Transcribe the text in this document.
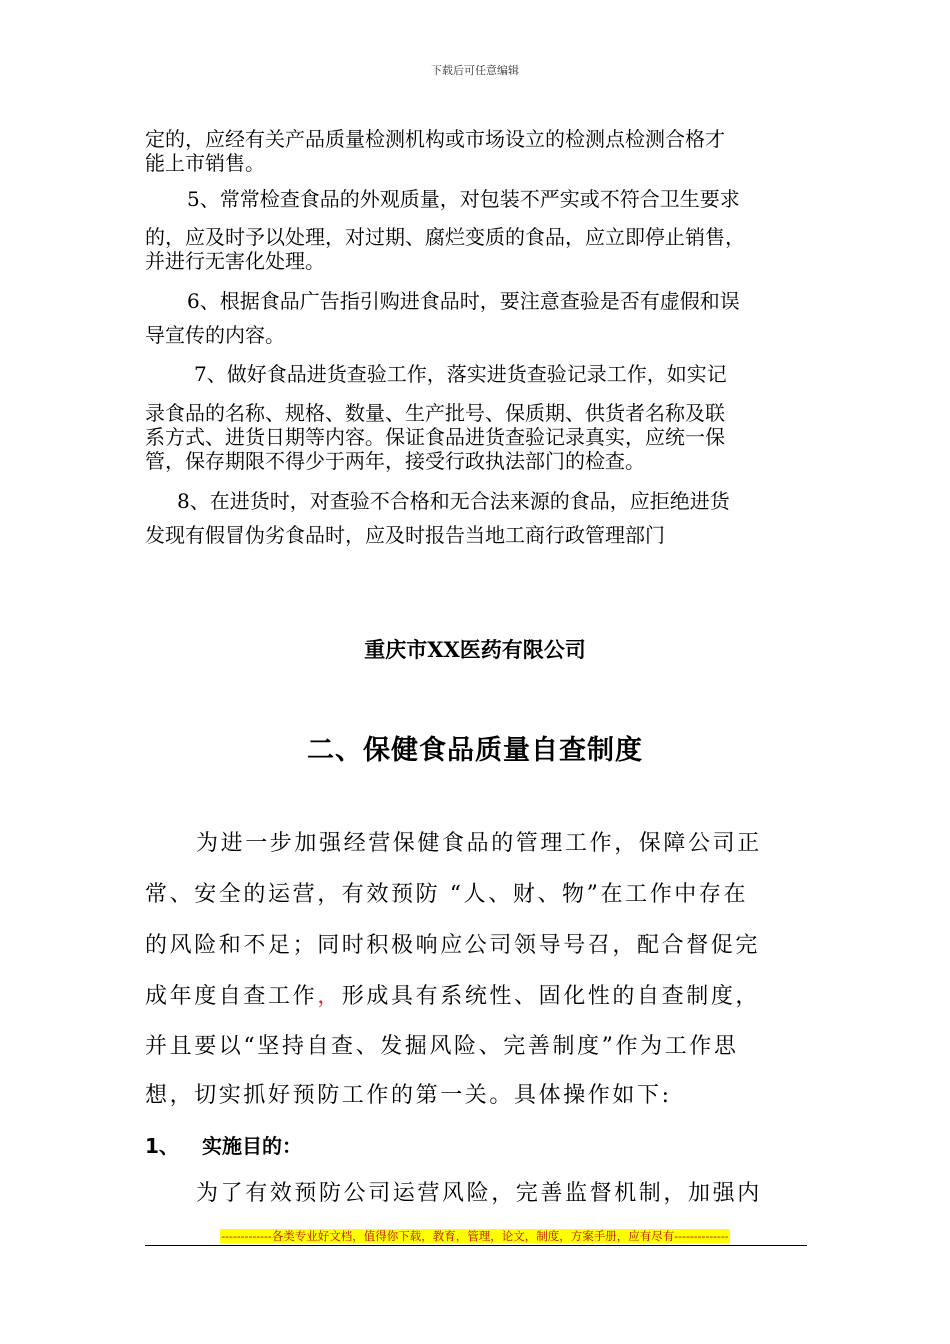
下载后可任意编辑
定的，应经有关产品质量检测机构或市场设立的检测点检测合格才
能上市销售。
5、常常检查食品的外观质量，对包装不严实或不符合卫生要求
的，应及时予以处理，对过期、腐烂变质的食品，应立即停止销售，
并进行无害化处理。
6、根据食品广告指引购进食品时，要注意查验是否有虚假和误
导宣传的内容。
7、做好食品进货查验工作，落实进货查验记录工作，如实记
录食品的名称、规格、数量、生产批号、保质期、供货者名称及联
系方式、进货日期等内容。保证食品进货查验记录真实，应统一保
管，保存期限不得少于两年，接受行政执法部门的检查。
8、在进货时，对查验不合格和无合法来源的食品，应拒绝进货
发现有假冒伪劣食品时，应及时报告当地工商行政管理部门
重庆市XX医药有限公司
二、保健食品质量自查制度
为进一步加强经营保健食品的管理工作，保障公司正
常、安全的运营，有效预防 “人、财、物”在工作中存在
的风险和不足；同时积极响应公司领导号召，配合督促完
成年度自查工作，形成具有系统性、固化性的自查制度，
并且要以“坚持自查、发掘风险、完善制度”作为工作思
想，切实抓好预防工作的第一关。具体操作如下:
1、 实施目的：
为了有效预防公司运营风险，完善监督机制，加强内
-------------各类专业好文档，值得你下载，教育，管理，论文，制度，方案手册，应有尽有--------------
